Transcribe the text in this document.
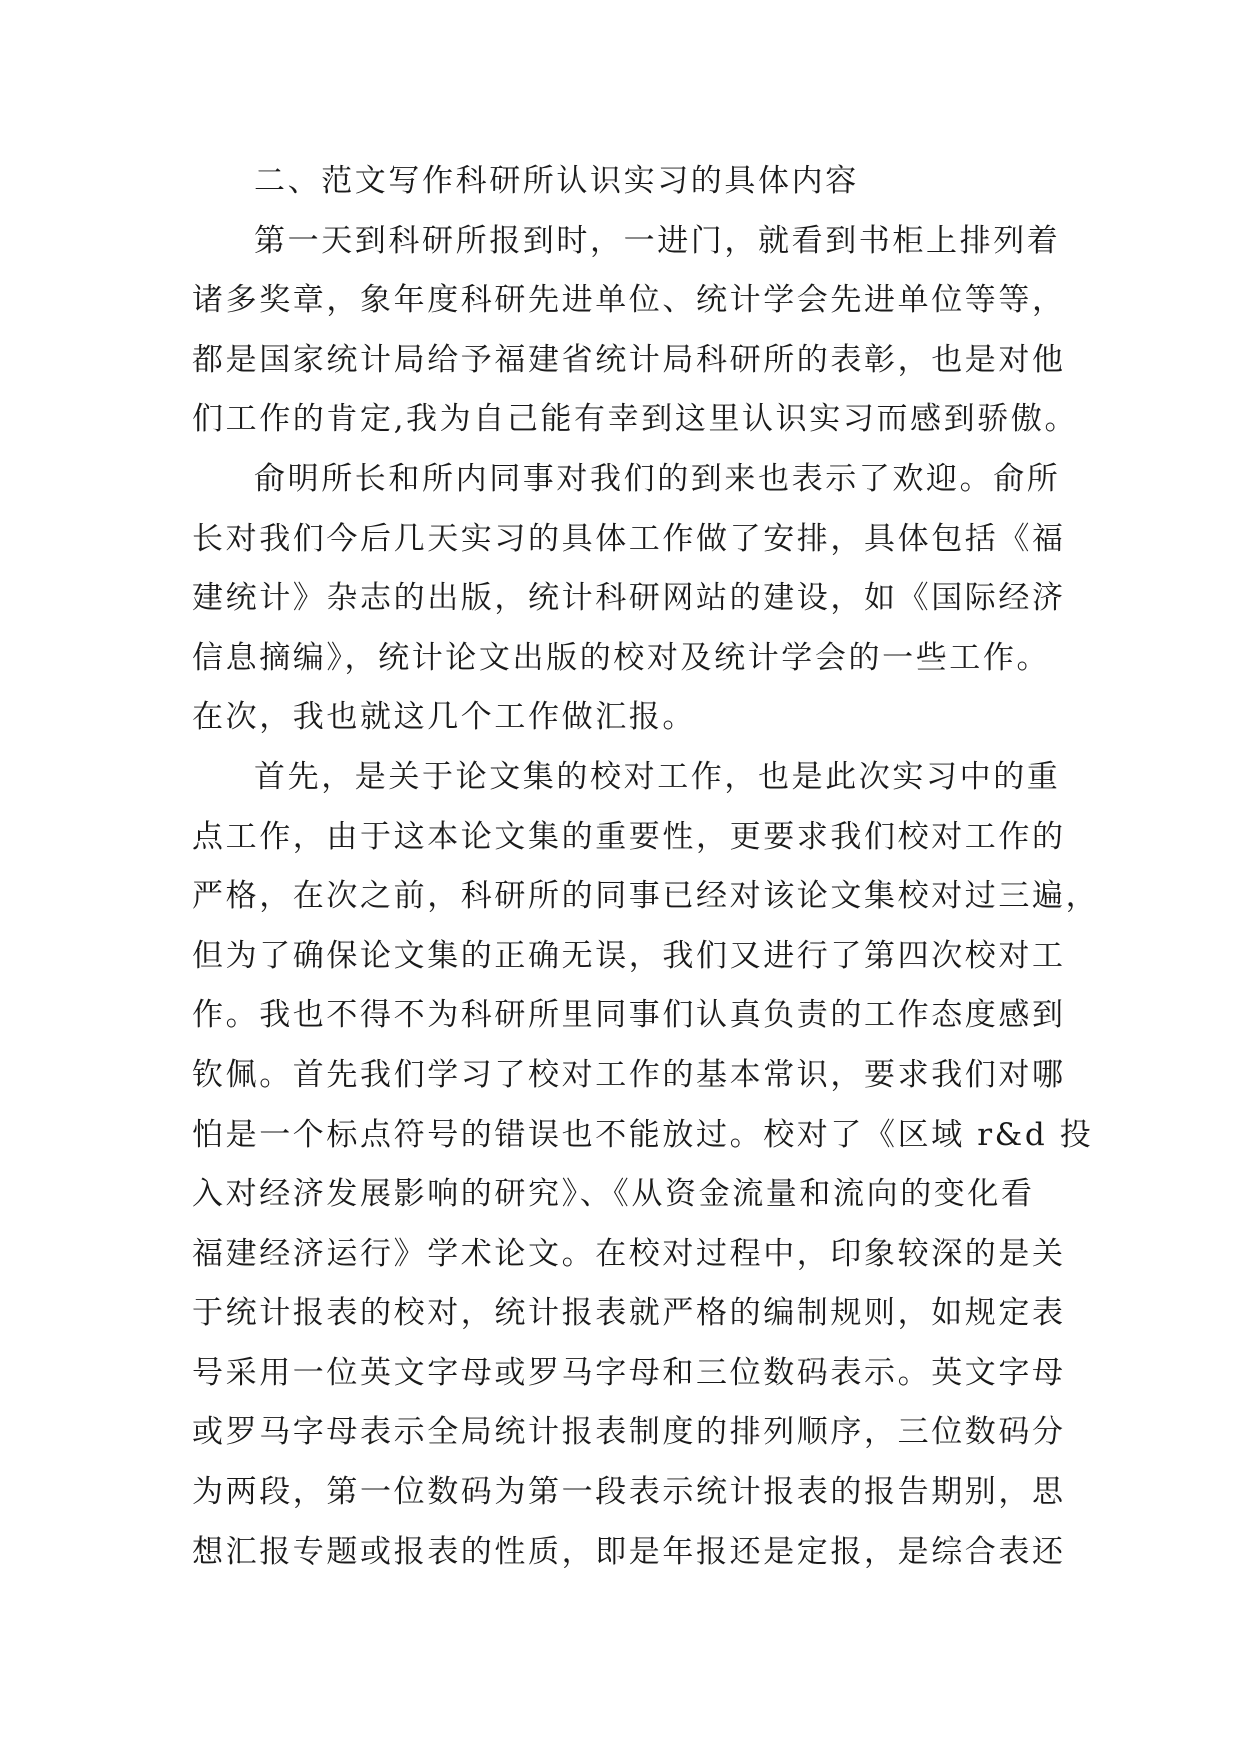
二、范文写作科研所认识实习的具体内容
第一天到科研所报到时，一进门，就看到书柜上排列着
诸多奖章，象年度科研先进单位、统计学会先进单位等等，
都是国家统计局给予福建省统计局科研所的表彰，也是对他
们工作的肯定,我为自己能有幸到这里认识实习而感到骄傲。
俞明所长和所内同事对我们的到来也表示了欢迎。俞所
长对我们今后几天实习的具体工作做了安排，具体包括《福
建统计》杂志的出版，统计科研网站的建设，如《国际经济
信息摘编》，统计论文出版的校对及统计学会的一些工作。
在次，我也就这几个工作做汇报。
首先，是关于论文集的校对工作，也是此次实习中的重
点工作，由于这本论文集的重要性，更要求我们校对工作的
严格，在次之前，科研所的同事已经对该论文集校对过三遍，
但为了确保论文集的正确无误，我们又进行了第四次校对工
作。我也不得不为科研所里同事们认真负责的工作态度感到
钦佩。首先我们学习了校对工作的基本常识，要求我们对哪
怕是一个标点符号的错误也不能放过。校对了《区域 r&d 投
入对经济发展影响的研究》、《从资金流量和流向的变化看
福建经济运行》学术论文。在校对过程中，印象较深的是关
于统计报表的校对，统计报表就严格的编制规则，如规定表
号采用一位英文字母或罗马字母和三位数码表示。英文字母
或罗马字母表示全局统计报表制度的排列顺序，三位数码分
为两段，第一位数码为第一段表示统计报表的报告期别，思
想汇报专题或报表的性质，即是年报还是定报，是综合表还
